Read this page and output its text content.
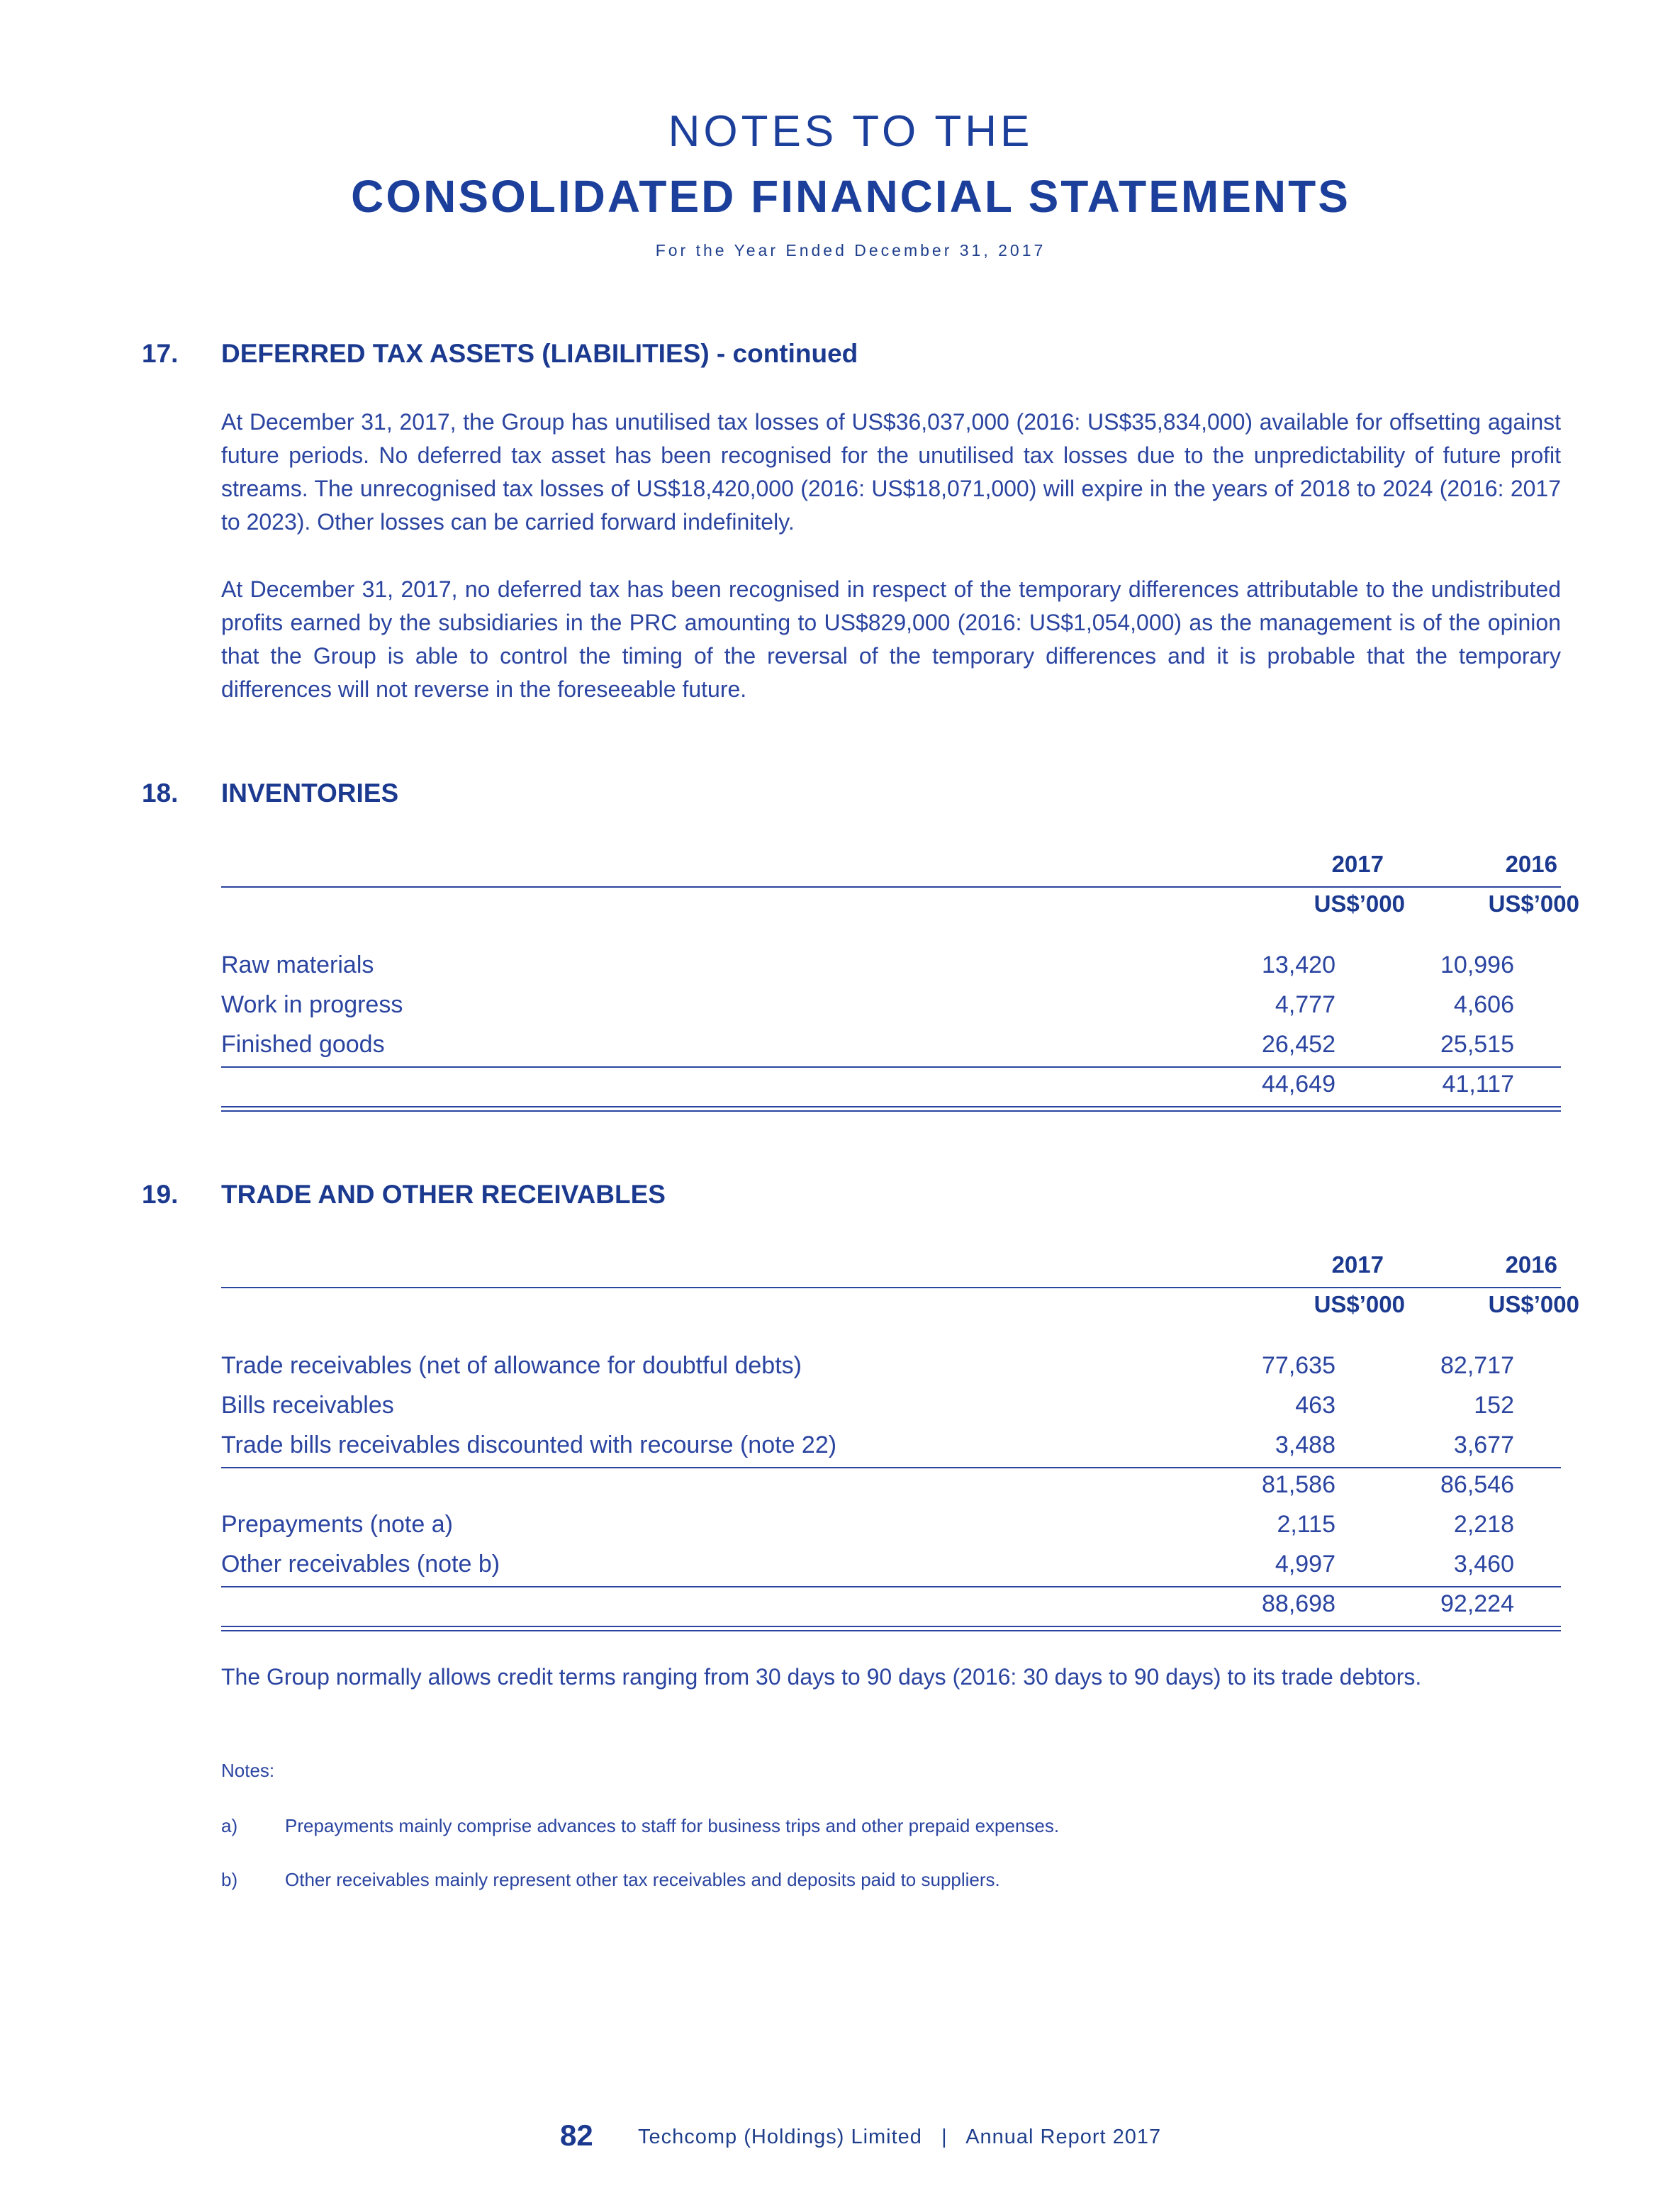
NOTES TO THE
CONSOLIDATED FINANCIAL STATEMENTS
For the Year Ended December 31, 2017
17. DEFERRED TAX ASSETS (LIABILITIES) - continued
At December 31, 2017, the Group has unutilised tax losses of US$36,037,000 (2016: US$35,834,000) available for offsetting against future periods. No deferred tax asset has been recognised for the unutilised tax losses due to the unpredictability of future profit streams. The unrecognised tax losses of US$18,420,000 (2016: US$18,071,000) will expire in the years of 2018 to 2024 (2016: 2017 to 2023). Other losses can be carried forward indefinitely.
At December 31, 2017, no deferred tax has been recognised in respect of the temporary differences attributable to the undistributed profits earned by the subsidiaries in the PRC amounting to US$829,000 (2016: US$1,054,000) as the management is of the opinion that the Group is able to control the timing of the reversal of the temporary differences and it is probable that the temporary differences will not reverse in the foreseeable future.
18. INVENTORIES
2017	2016
US$’000	US$’000
Raw materials	13,420	10,996
Work in progress	4,777	4,606
Finished goods	26,452	25,515
44,649	41,117
19. TRADE AND OTHER RECEIVABLES
2017	2016
US$’000	US$’000
Trade receivables (net of allowance for doubtful debts)	77,635	82,717
Bills receivables	463	152
Trade bills receivables discounted with recourse (note 22)	3,488	3,677
81,586	86,546
Prepayments (note a)	2,115	2,218
Other receivables (note b)	4,997	3,460
88,698	92,224
The Group normally allows credit terms ranging from 30 days to 90 days (2016: 30 days to 90 days) to its trade debtors.
Notes:
a)	Prepayments mainly comprise advances to staff for business trips and other prepaid expenses.
b)	Other receivables mainly represent other tax receivables and deposits paid to suppliers.
82 Techcomp (Holdings) Limited   |   Annual Report 2017
